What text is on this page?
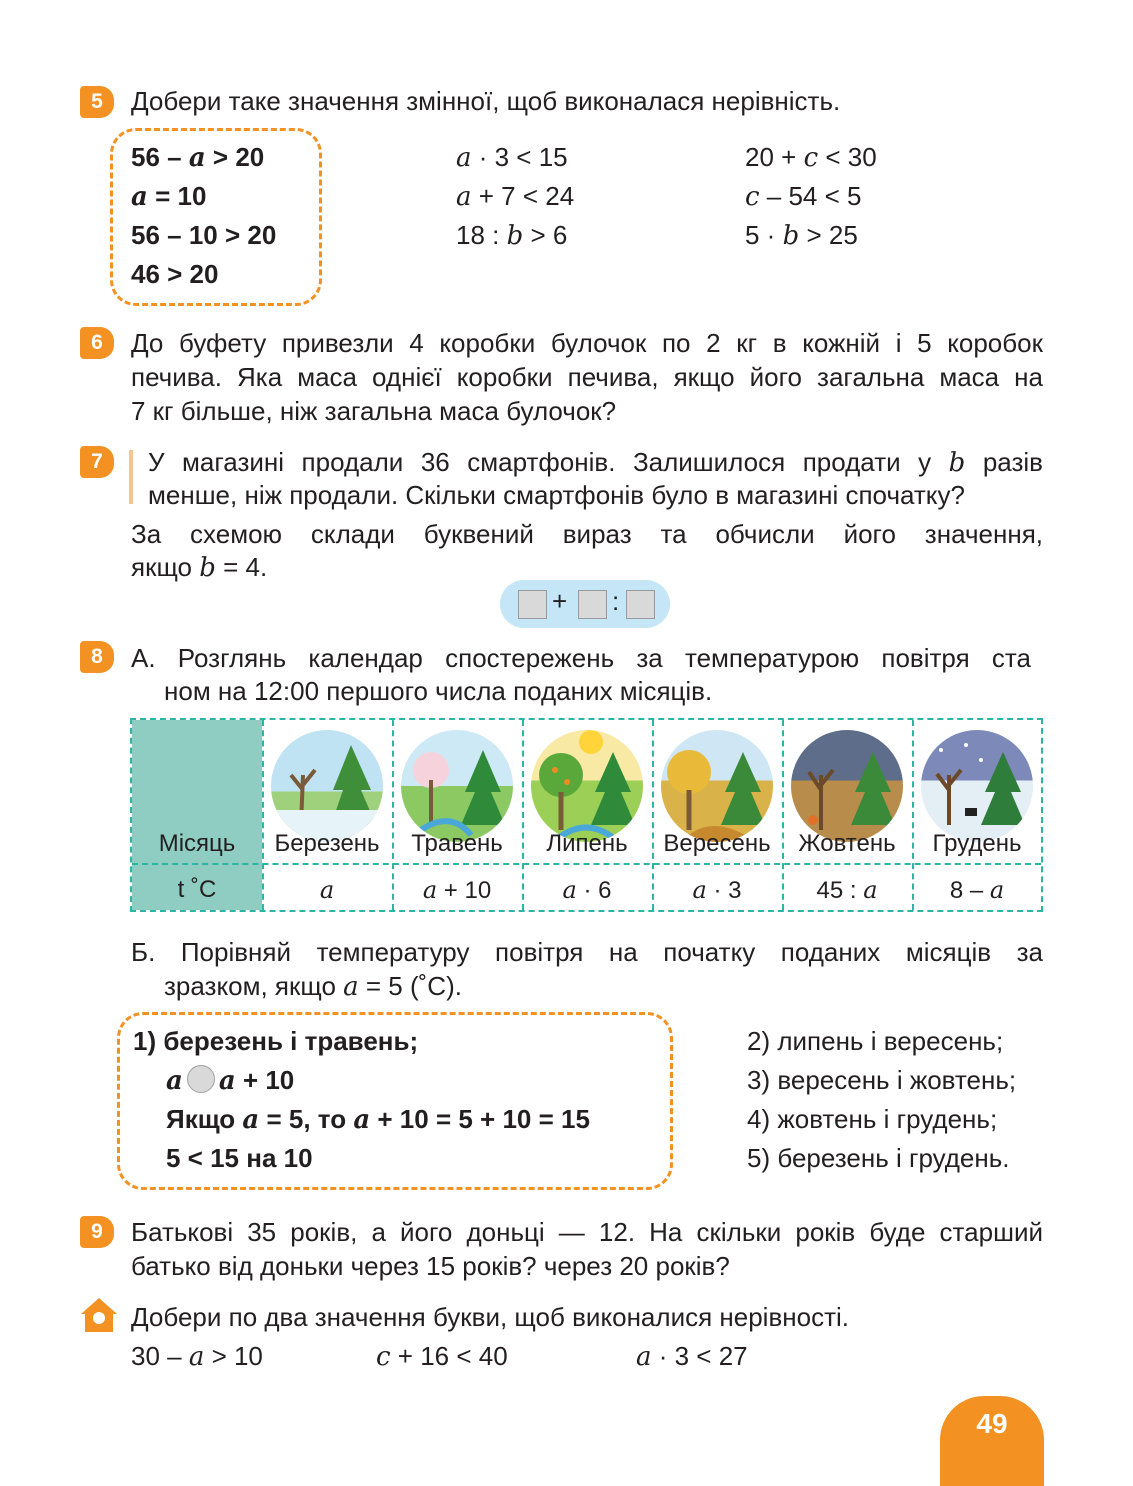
5	Добери таке значення змінної, щоб виконалася нерівність.
56 – a > 20
a = 10
56 – 10 > 20
46 > 20
a · 3 < 15
a + 7 < 24
18 : b > 6
20 + c < 30
c – 54 < 5
5 · b > 25
6	До буфету привезли 4 коробки булочок по 2 кг в кожній і 5 коробок
печива. Яка маса однієї коробки печива, якщо його загальна маса на
7 кг більше, ніж загальна маса булочок?
7	У магазині продали 36 смартфонів. Залишилося продати у b разів
менше, ніж продали. Скільки смартфонів було в магазині спочатку?
За схемою склади буквений вираз та обчисли його значення,
якщо b = 4.
+ :
8	А. Розглянь календар спостережень за температурою повітря ста
ном на 12:00 першого числа поданих місяців.
Місяць	Березень	Травень	Липень	Вересень	Жовтень	Грудень
t ˚С	a	a + 10	a · 6	a · 3	45 : a	8 – a
Б. Порівняй температуру повітря на початку поданих місяців за
зразком, якщо a = 5 (˚С).
1) березень і травень;
a a + 10
Якщо a = 5, то a + 10 = 5 + 10 = 15
5 < 15 на 10
2) липень і вересень;
3) вересень і жовтень;
4) жовтень і грудень;
5) березень і грудень.
9	Батькові 35 років, а його доньці — 12. На скільки років буде старший
батько від доньки через 15 років? через 20 років?
Добери по два значення букви, щоб виконалися нерівності.
30 – a > 10	c + 16 < 40	a · 3 < 27
49
